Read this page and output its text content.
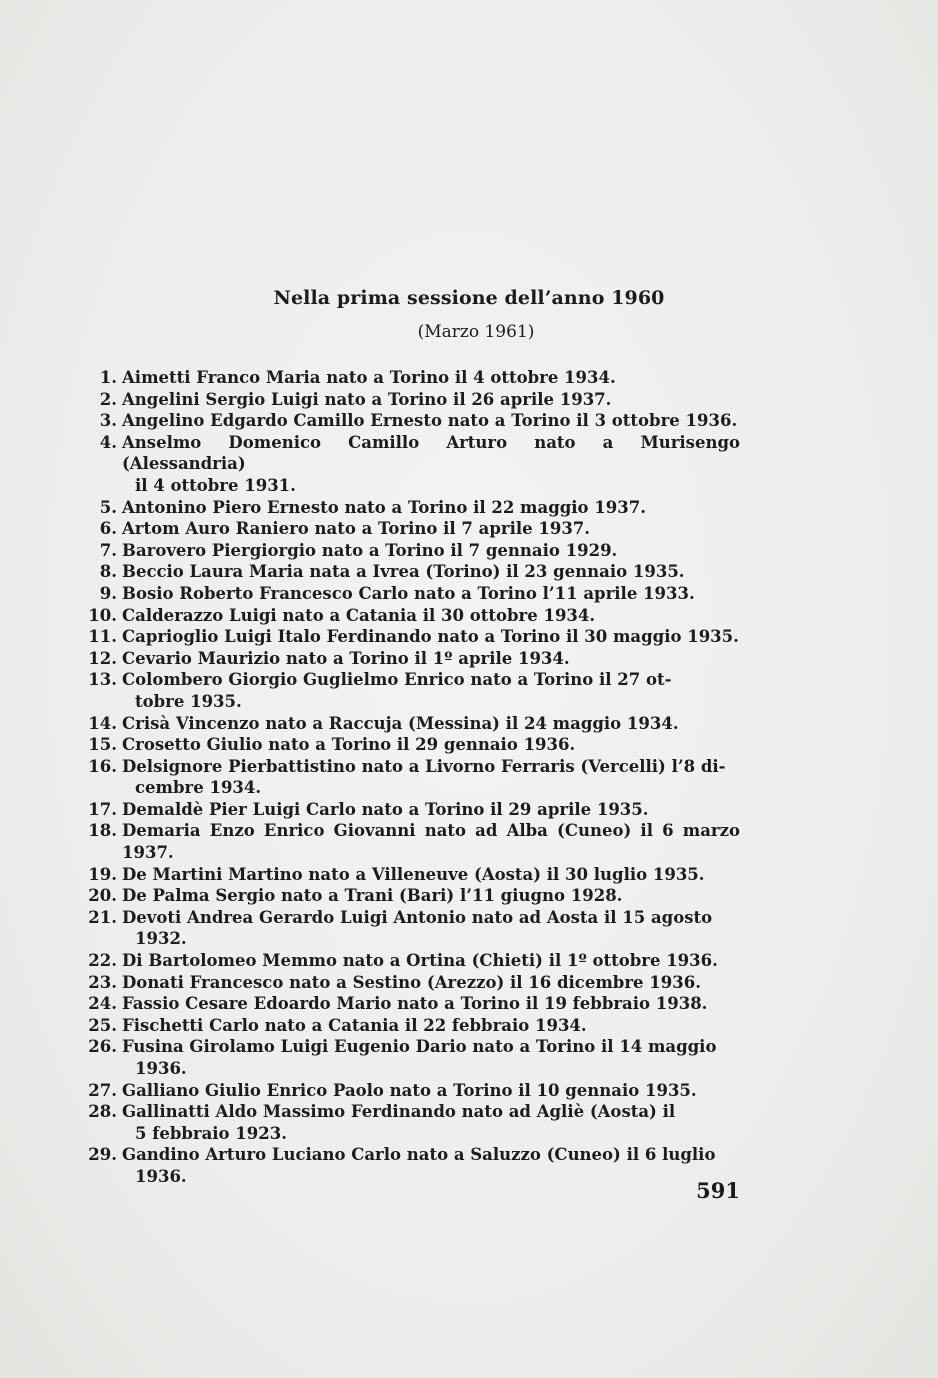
Nella prima sessione dell’anno 1960
(Marzo 1961)
1. Aimetti Franco Maria nato a Torino il 4 ottobre 1934.
2. Angelini Sergio Luigi nato a Torino il 26 aprile 1937.
3. Angelino Edgardo Camillo Ernesto nato a Torino il 3 ottobre 1936.
4. Anselmo Domenico Camillo Arturo nato a Murisengo (Alessandria)
il 4 ottobre 1931.
5. Antonino Piero Ernesto nato a Torino il 22 maggio 1937.
6. Artom Auro Raniero nato a Torino il 7 aprile 1937.
7. Barovero Piergiorgio nato a Torino il 7 gennaio 1929.
8. Beccio Laura Maria nata a Ivrea (Torino) il 23 gennaio 1935.
9. Bosio Roberto Francesco Carlo nato a Torino l’11 aprile 1933.
10. Calderazzo Luigi nato a Catania il 30 ottobre 1934.
11. Caprioglio Luigi Italo Ferdinando nato a Torino il 30 maggio 1935.
12. Cevario Maurizio nato a Torino il 1º aprile 1934.
13. Colombero Giorgio Guglielmo Enrico nato a Torino il 27 ot-
tobre 1935.
14. Crisà Vincenzo nato a Raccuja (Messina) il 24 maggio 1934.
15. Crosetto Giulio nato a Torino il 29 gennaio 1936.
16. Delsignore Pierbattistino nato a Livorno Ferraris (Vercelli) l’8 di-
cembre 1934.
17. Demaldè Pier Luigi Carlo nato a Torino il 29 aprile 1935.
18. Demaria Enzo Enrico Giovanni nato ad Alba (Cuneo) il 6 marzo 1937.
19. De Martini Martino nato a Villeneuve (Aosta) il 30 luglio 1935.
20. De Palma Sergio nato a Trani (Bari) l’11 giugno 1928.
21. Devoti Andrea Gerardo Luigi Antonio nato ad Aosta il 15 agosto
1932.
22. Di Bartolomeo Memmo nato a Ortina (Chieti) il 1º ottobre 1936.
23. Donati Francesco nato a Sestino (Arezzo) il 16 dicembre 1936.
24. Fassio Cesare Edoardo Mario nato a Torino il 19 febbraio 1938.
25. Fischetti Carlo nato a Catania il 22 febbraio 1934.
26. Fusina Girolamo Luigi Eugenio Dario nato a Torino il 14 maggio
1936.
27. Galliano Giulio Enrico Paolo nato a Torino il 10 gennaio 1935.
28. Gallinatti Aldo Massimo Ferdinando nato ad Agliè (Aosta) il
5 febbraio 1923.
29. Gandino Arturo Luciano Carlo nato a Saluzzo (Cuneo) il 6 luglio
1936.
591
